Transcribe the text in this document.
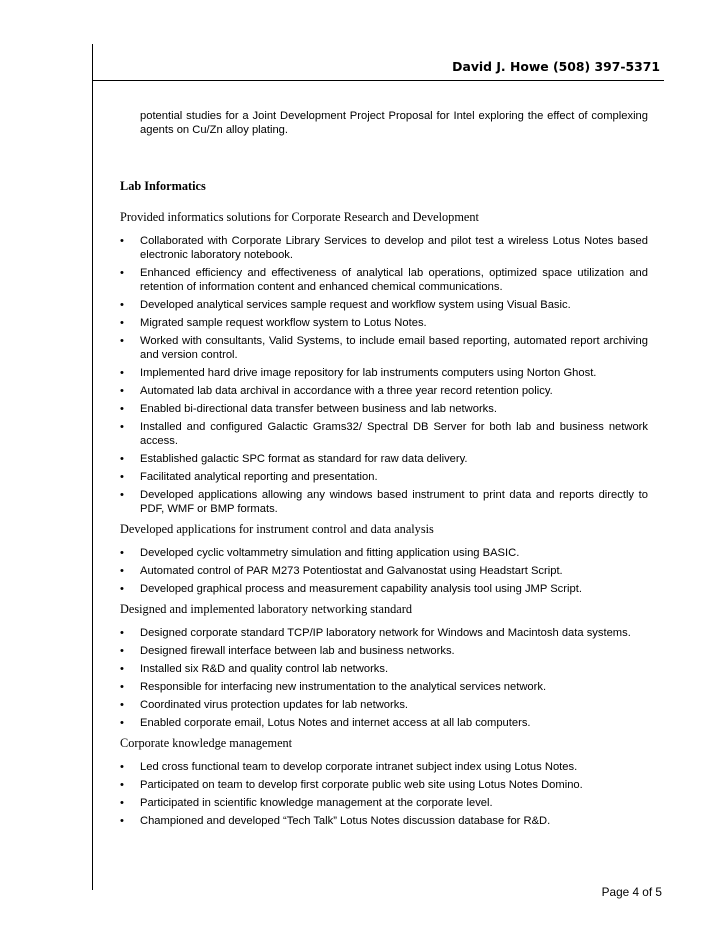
David J. Howe (508) 397-5371

potential studies for a Joint Development Project Proposal for Intel exploring the effect of complexing agents on Cu/Zn alloy plating.

Lab Informatics
Provided informatics solutions for Corporate Research and Development
• Collaborated with Corporate Library Services to develop and pilot test a wireless Lotus Notes based electronic laboratory notebook.
• Enhanced efficiency and effectiveness of analytical lab operations, optimized space utilization and retention of information content and enhanced chemical communications.
• Developed analytical services sample request and workflow system using Visual Basic.
• Migrated sample request workflow system to Lotus Notes.
• Worked with consultants, Valid Systems, to include email based reporting, automated report archiving and version control.
• Implemented hard drive image repository for lab instruments computers using Norton Ghost.
• Automated lab data archival in accordance with a three year record retention policy.
• Enabled bi-directional data transfer between business and lab networks.
• Installed and configured Galactic Grams32/ Spectral DB Server for both lab and business network access.
• Established galactic SPC format as standard for raw data delivery.
• Facilitated analytical reporting and presentation.
• Developed applications allowing any windows based instrument to print data and reports directly to PDF, WMF or BMP formats.
Developed applications for instrument control and data analysis
• Developed cyclic voltammetry simulation and fitting application using BASIC.
• Automated control of PAR M273 Potentiostat and Galvanostat using Headstart Script.
• Developed graphical process and measurement capability analysis tool using JMP Script.
Designed and implemented laboratory networking standard
• Designed corporate standard TCP/IP laboratory network for Windows and Macintosh data systems.
• Designed firewall interface between lab and business networks.
• Installed six R&D and quality control lab networks.
• Responsible for interfacing new instrumentation to the analytical services network.
• Coordinated virus protection updates for lab networks.
• Enabled corporate email, Lotus Notes and internet access at all lab computers.
Corporate knowledge management
• Led cross functional team to develop corporate intranet subject index using Lotus Notes.
• Participated on team to develop first corporate public web site using Lotus Notes Domino.
• Participated in scientific knowledge management at the corporate level.
• Championed and developed “Tech Talk” Lotus Notes discussion database for R&D.
Page 4 of 5
